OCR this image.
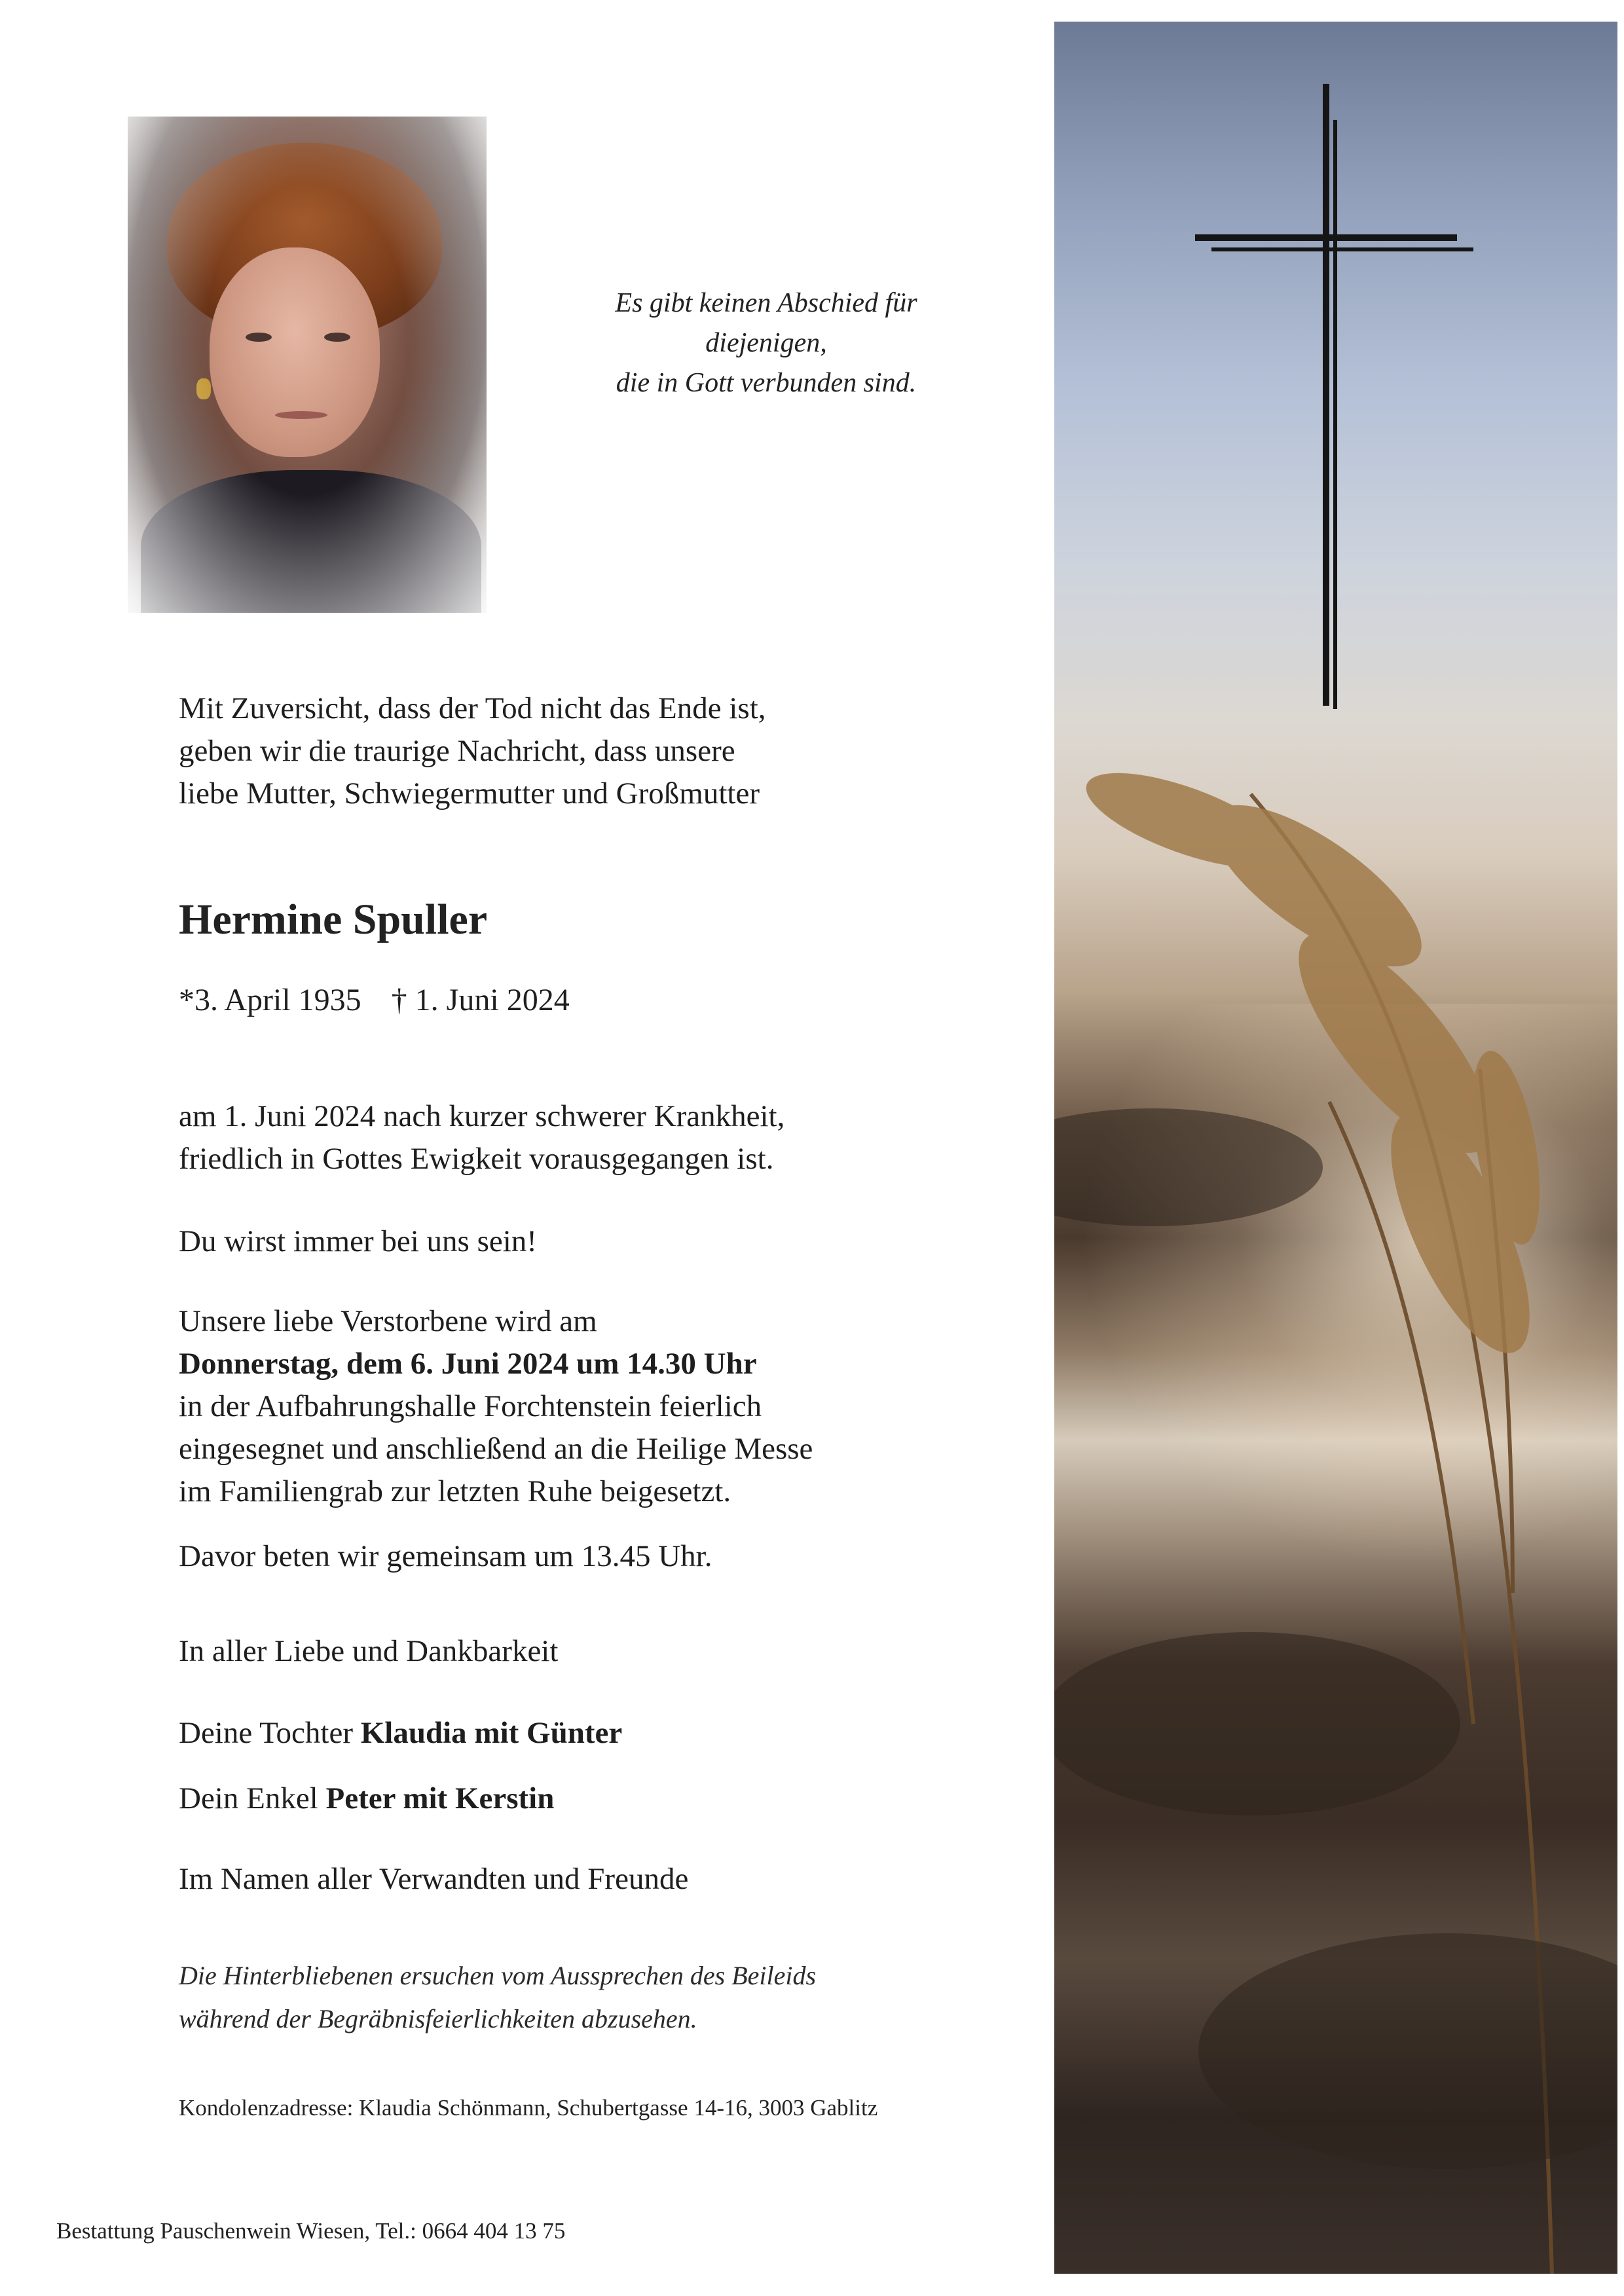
Es gibt keinen Abschied für
diejenigen,
die in Gott verbunden sind.
Mit Zuversicht, dass der Tod nicht das Ende ist,
geben wir die traurige Nachricht, dass unsere
liebe Mutter, Schwiegermutter und Großmutter
Hermine Spuller
*3. April 1935 † 1. Juni 2024
am 1. Juni 2024 nach kurzer schwerer Krankheit,
friedlich in Gottes Ewigkeit vorausgegangen ist.
Du wirst immer bei uns sein!
Unsere liebe Verstorbene wird am
Donnerstag, dem 6. Juni 2024 um 14.30 Uhr
in der Aufbahrungshalle Forchtenstein feierlich
eingesegnet und anschließend an die Heilige Messe
im Familiengrab zur letzten Ruhe beigesetzt.
Davor beten wir gemeinsam um 13.45 Uhr.
In aller Liebe und Dankbarkeit
Deine Tochter Klaudia mit Günter
Dein Enkel Peter mit Kerstin
Im Namen aller Verwandten und Freunde
Die Hinterbliebenen ersuchen vom Aussprechen des Beileids
während der Begräbnisfeierlichkeiten abzusehen.
Kondolenzadresse: Klaudia Schönmann, Schubertgasse 14-16, 3003 Gablitz
Bestattung Pauschenwein Wiesen, Tel.: 0664 404 13 75
